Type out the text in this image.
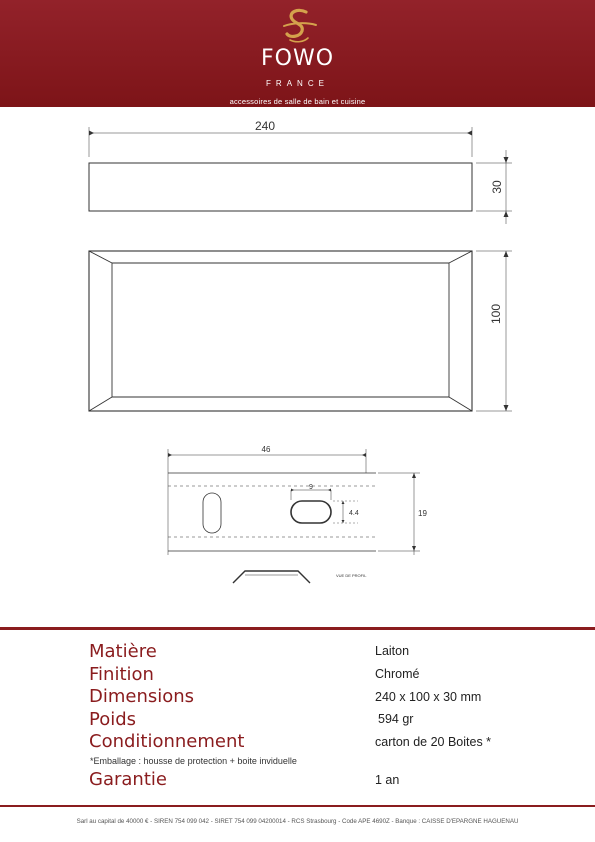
FOWO
FRANCE
accessoires de salle de bain et cuisine
240
30
100
46
9
4.4	19
VUE DE PROFIL
Matière	Laiton
Finition	Chromé
Dimensions	240 x 100 x 30 mm
Poids	594 gr
Conditionnement	carton de 20 Boites *
*Emballage : housse de protection + boite inviduelle
Garantie	1 an
Sarl au capital de 40000 € - SIREN 754 099 042 - SIRET 754 099 04200014 - RCS Strasbourg - Code APE 4690Z - Banque : CAISSE D'EPARGNE HAGUENAU
